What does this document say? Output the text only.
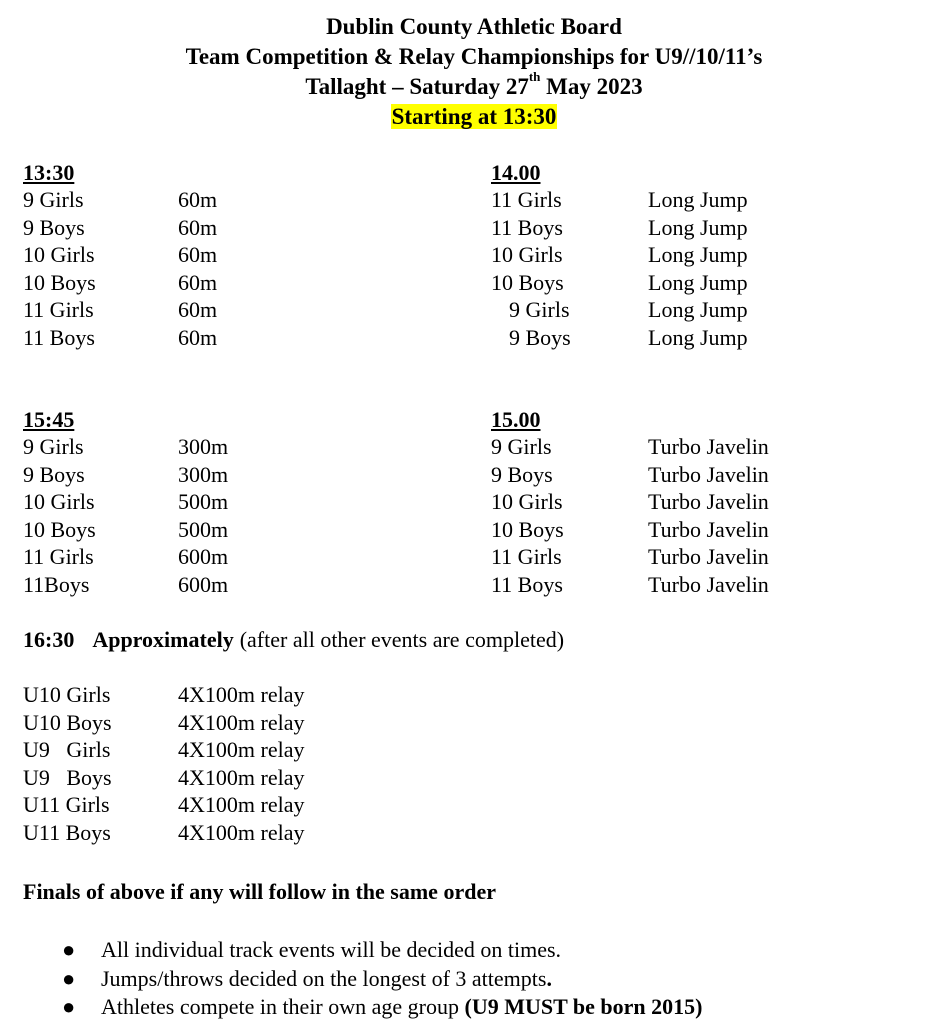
Dublin County Athletic Board
Team Competition & Relay Championships for U9//10/11’s
Tallaght – Saturday 27th May 2023
Starting at 13:30
13:30
9 Girls	60m
9 Boys	60m
10 Girls	60m
10 Boys	60m
11 Girls	60m
11 Boys	60m
14.00
11 Girls	Long Jump
11 Boys	Long Jump
10 Girls	Long Jump
10 Boys	Long Jump
9 Girls	Long Jump
9 Boys	Long Jump
15:45
9 Girls	300m
9 Boys	300m
10 Girls	500m
10 Boys	500m
11 Girls	600m
11Boys	600m
15.00
9 Girls	Turbo Javelin
9 Boys	Turbo Javelin
10 Girls	Turbo Javelin
10 Boys	Turbo Javelin
11 Girls	Turbo Javelin
11 Boys	Turbo Javelin
16:30 Approximately (after all other events are completed)
U10 Girls	4X100m relay
U10 Boys	4X100m relay
U9   Girls	4X100m relay
U9   Boys	4X100m relay
U11 Girls	4X100m relay
U11 Boys	4X100m relay
Finals of above if any will follow in the same order
● All individual track events will be decided on times.
● Jumps/throws decided on the longest of 3 attempts.
● Athletes compete in their own age group (U9 MUST be born 2015)
